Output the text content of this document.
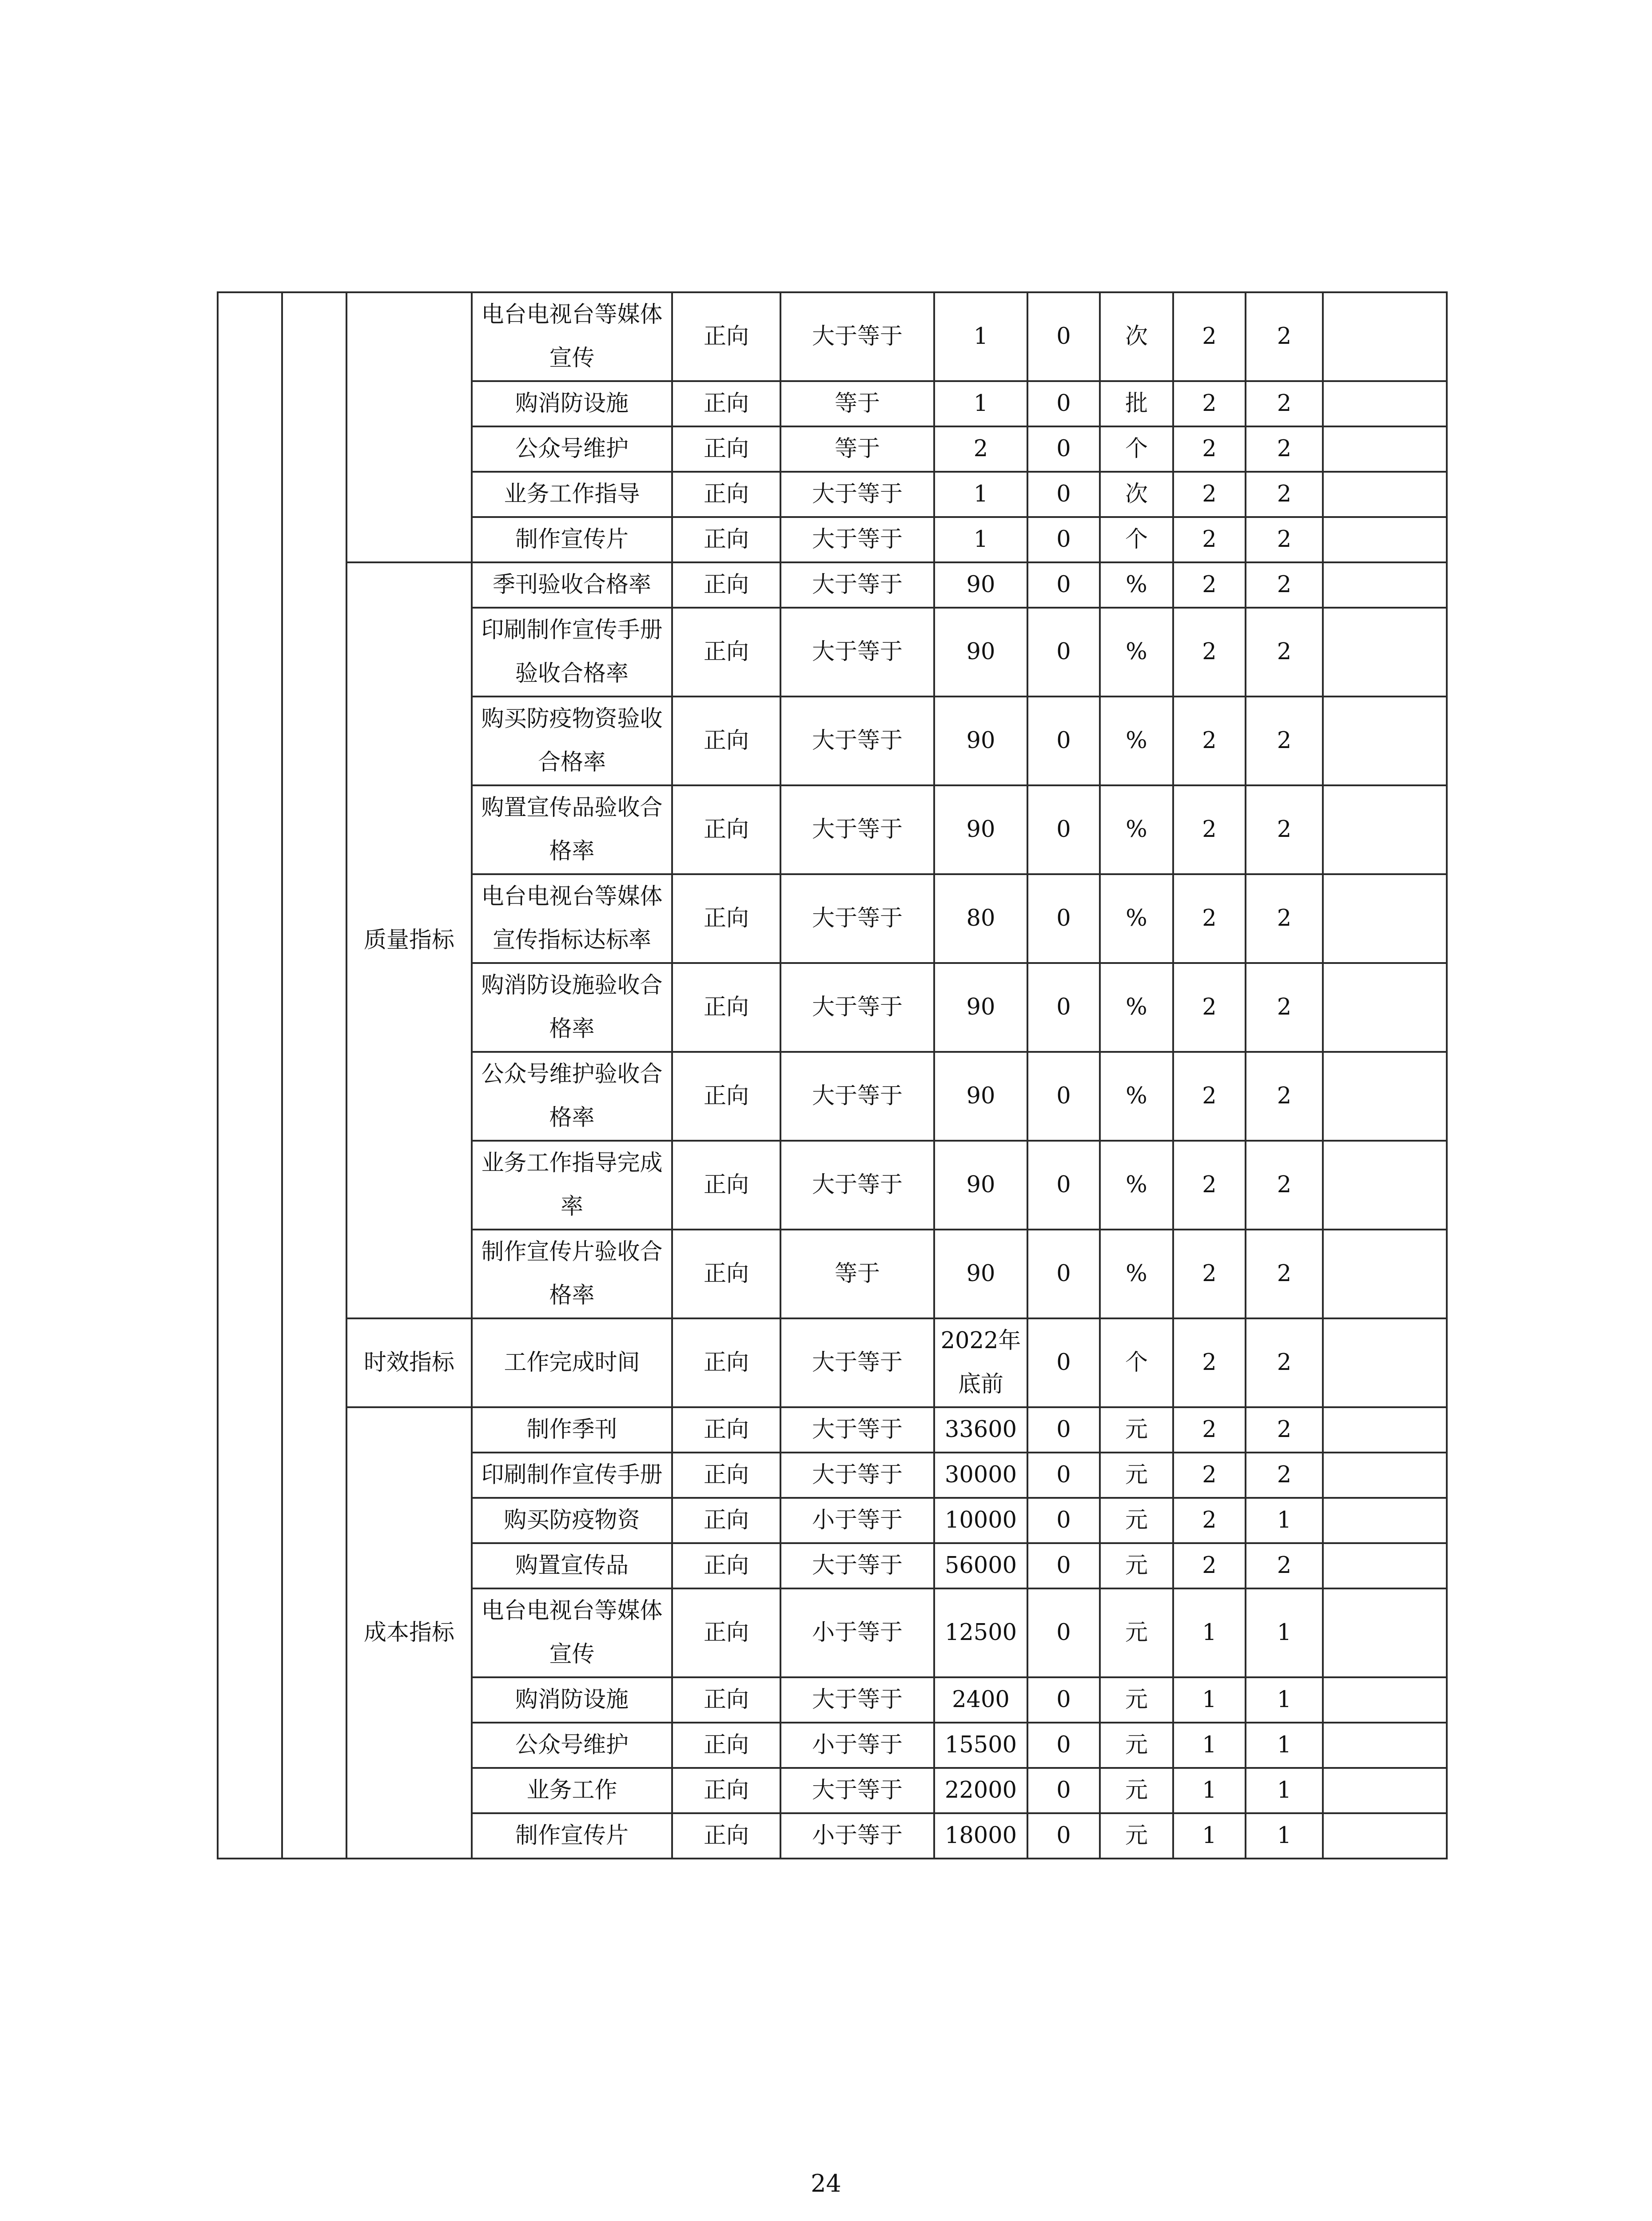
			电台电视台等媒体宣传	正向	大于等于	1	0	次	2	2	
			购消防设施	正向	等于	1	0	批	2	2	
			公众号维护	正向	等于	2	0	个	2	2	
			业务工作指导	正向	大于等于	1	0	次	2	2	
			制作宣传片	正向	大于等于	1	0	个	2	2	
		质量指标	季刊验收合格率	正向	大于等于	90	0	%	2	2	
			印刷制作宣传手册验收合格率	正向	大于等于	90	0	%	2	2	
			购买防疫物资验收合格率	正向	大于等于	90	0	%	2	2	
			购置宣传品验收合格率	正向	大于等于	90	0	%	2	2	
			电台电视台等媒体宣传指标达标率	正向	大于等于	80	0	%	2	2	
			购消防设施验收合格率	正向	大于等于	90	0	%	2	2	
			公众号维护验收合格率	正向	大于等于	90	0	%	2	2	
			业务工作指导完成率	正向	大于等于	90	0	%	2	2	
			制作宣传片验收合格率	正向	等于	90	0	%	2	2	
		时效指标	工作完成时间	正向	大于等于	2022年底前	0	个	2	2	
		成本指标	制作季刊	正向	大于等于	33600	0	元	2	2	
			印刷制作宣传手册	正向	大于等于	30000	0	元	2	2	
			购买防疫物资	正向	小于等于	10000	0	元	2	1	
			购置宣传品	正向	大于等于	56000	0	元	2	2	
			电台电视台等媒体宣传	正向	小于等于	12500	0	元	1	1	
			购消防设施	正向	大于等于	2400	0	元	1	1	
			公众号维护	正向	小于等于	15500	0	元	1	1	
			业务工作	正向	大于等于	22000	0	元	1	1	
			制作宣传片	正向	小于等于	18000	0	元	1	1	
24
